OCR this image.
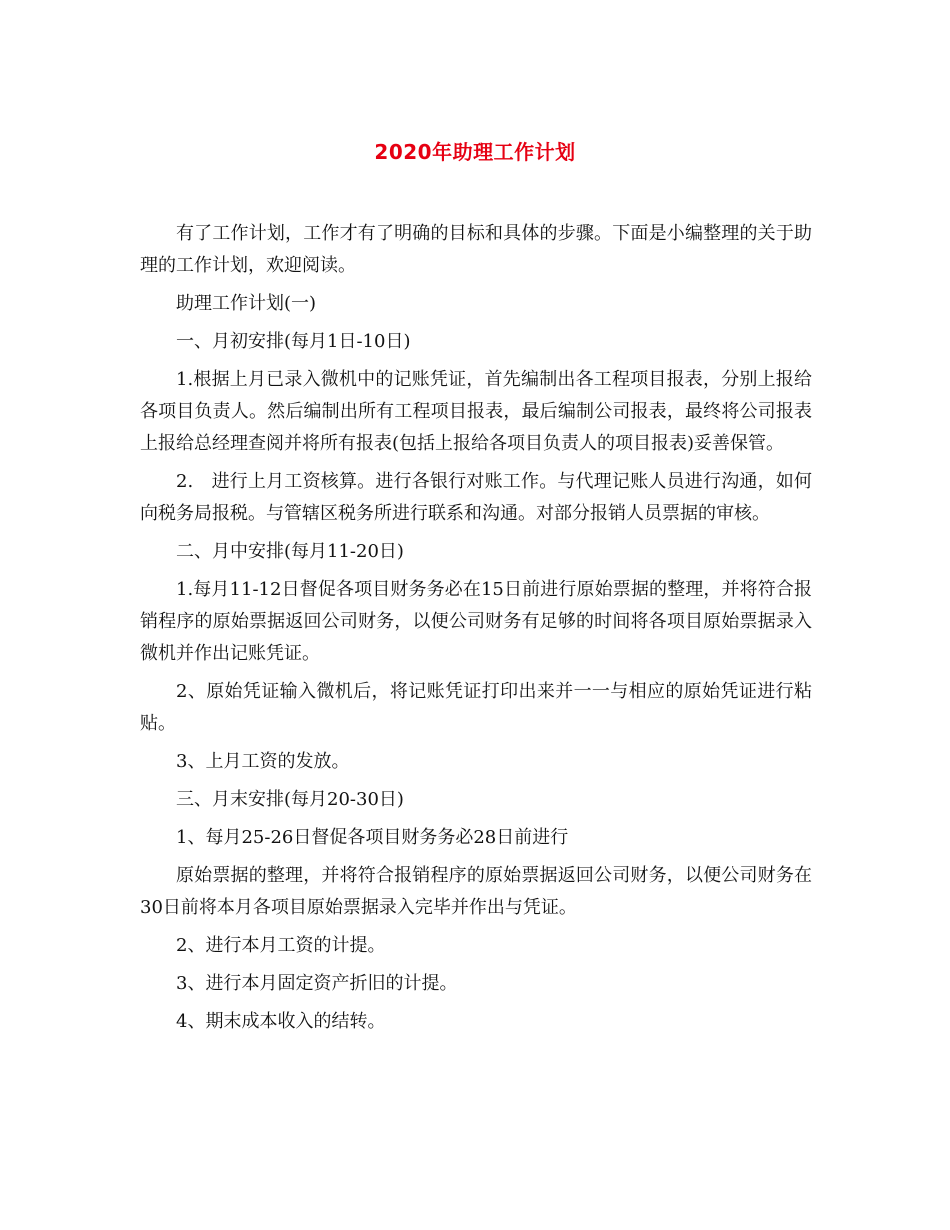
2020年助理工作计划

有了工作计划，工作才有了明确的目标和具体的步骤。下面是小编整理的关于助理的工作计划，欢迎阅读。

助理工作计划(一)

一、月初安排(每月1日-10日)

1.根据上月已录入微机中的记账凭证，首先编制出各工程项目报表，分别上报给各项目负责人。然后编制出所有工程项目报表，最后编制公司报表，最终将公司报表上报给总经理查阅并将所有报表(包括上报给各项目负责人的项目报表)妥善保管。

2.　进行上月工资核算。进行各银行对账工作。与代理记账人员进行沟通，如何向税务局报税。与管辖区税务所进行联系和沟通。对部分报销人员票据的审核。

二、月中安排(每月11-20日)

1.每月11-12日督促各项目财务务必在15日前进行原始票据的整理，并将符合报销程序的原始票据返回公司财务，以便公司财务有足够的时间将各项目原始票据录入微机并作出记账凭证。

2、原始凭证输入微机后，将记账凭证打印出来并一一与相应的原始凭证进行粘贴。

3、上月工资的发放。

三、月末安排(每月20-30日)

1、每月25-26日督促各项目财务务必28日前进行

原始票据的整理，并将符合报销程序的原始票据返回公司财务，以便公司财务在30日前将本月各项目原始票据录入完毕并作出与凭证。

2、进行本月工资的计提。

3、进行本月固定资产折旧的计提。

4、期末成本收入的结转。
